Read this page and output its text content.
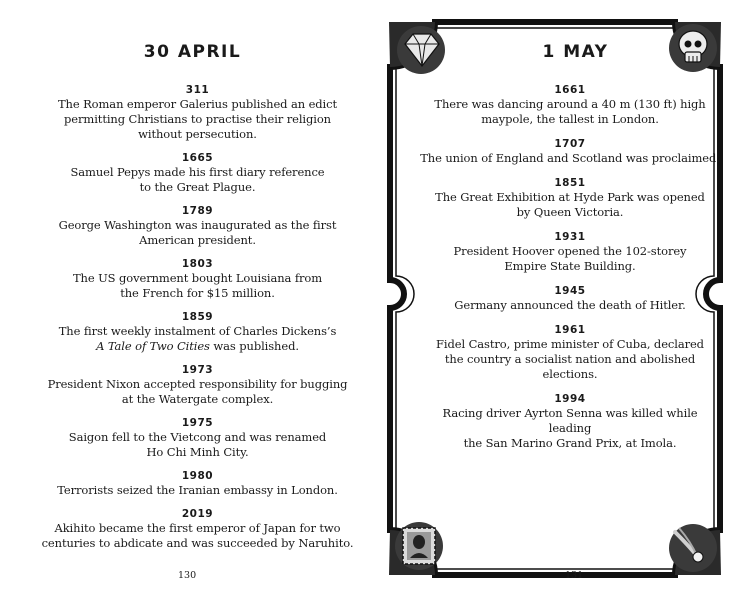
30 APRIL
311
The Roman emperor Galerius published an edict
permitting Christians to practise their religion
without persecution.
1665
Samuel Pepys made his first diary reference
to the Great Plague.
1789
George Washington was inaugurated as the first
American president.
1803
The US government bought Louisiana from
the French for $15 million.
1859
The first weekly instalment of Charles Dickens’s
A Tale of Two Cities was published.
1973
President Nixon accepted responsibility for bugging
at the Watergate complex.
1975
Saigon fell to the Vietcong and was renamed
Ho Chi Minh City.
1980
Terrorists seized the Iranian embassy in London.
2019
Akihito became the first emperor of Japan for two
centuries to abdicate and was succeeded by Naruhito.
130
1 MAY
1661
There was dancing around a 40 m (130 ft) high
maypole, the tallest in London.
1707
The union of England and Scotland was proclaimed.
1851
The Great Exhibition at Hyde Park was opened
by Queen Victoria.
1931
President Hoover opened the 102-storey
Empire State Building.
1945
Germany announced the death of Hitler.
1961
Fidel Castro, prime minister of Cuba, declared
the country a socialist nation and abolished elections.
1994
Racing driver Ayrton Senna was killed while leading
the San Marino Grand Prix, at Imola.
131
